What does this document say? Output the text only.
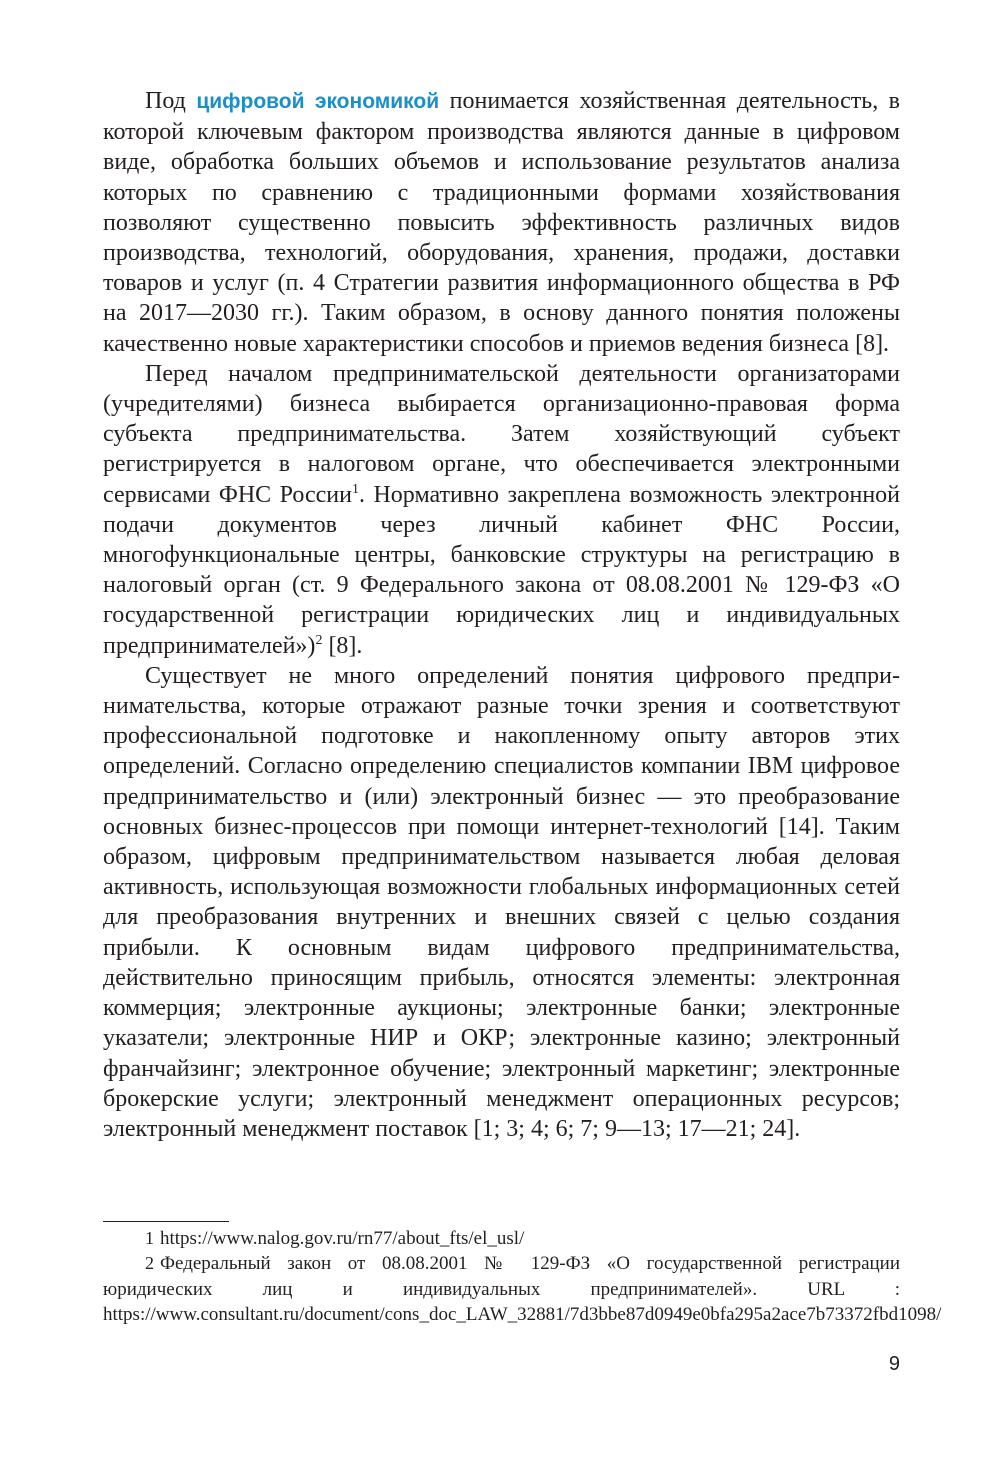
Под цифровой экономикой понимается хозяйственная деятельность, в которой ключевым фактором производства являются данные в цифровом виде, обработка больших объемов и использование результатов анализа которых по сравнению с традиционными формами хозяйствования позволяют существенно повысить эффективность различных видов производства, технологий, оборудования, хранения, продажи, доставки товаров и услуг (п. 4 Стратегии развития информационного общества в РФ на 2017—2030 гг.). Таким образом, в основу данного понятия положены качественно новые характеристики способов и приемов ведения бизнеса [8].

Перед началом предпринимательской деятельности организаторами (учредителями) бизнеса выбирается организационно-правовая форма субъекта предпринимательства. Затем хозяйствующий субъект регистрируется в налоговом органе, что обеспечивается электронными сервисами ФНС России$^1$. Нормативно закреплена возможность электронной подачи документов через личный кабинет ФНС России, многофункциональные центры, банковские структуры на регистрацию в налоговый орган (ст. 9 Федерального закона от 08.08.2001 № 129-ФЗ «О государственной регистрации юридических лиц и индивидуальных предпринимателей»)$^2$ [8].

Существует не много определений понятия цифрового предпринимательства, которые отражают разные точки зрения и соответствуют профессиональной подготовке и накопленному опыту авторов этих определений. Согласно определению специалистов компании IBM цифровое предпринимательство и (или) электронный бизнес — это преобразование основных бизнес-процессов при помощи интернет-технологий [14]. Таким образом, цифровым предпринимательством называется любая деловая активность, использующая возможности глобальных информационных сетей для преобразования внутренних и внешних связей с целью создания прибыли. К основным видам цифрового предпринимательства, действительно приносящим прибыль, относятся элементы: электронная коммерция; электронные аукционы; электронные банки; электронные указатели; электронные НИР и ОКР; электронные казино; электронный франчайзинг; электронное обучение; электронный маркетинг; электронные брокерские услуги; электронный менеджмент операционных ресурсов; электронный менеджмент поставок [1; 3; 4; 6; 7; 9—13; 17—21; 24].

1 https://www.nalog.gov.ru/rn77/about_fts/el_usl/

2 Федеральный закон от 08.08.2001 № 129-ФЗ «О государственной регистрации юридических лиц и индивидуальных предпринимателей». URL : https://www.consultant.ru/document/cons_doc_LAW_32881/7d3bbe87d0949e0bfa295a2ace7b73372fbd1098/

9
